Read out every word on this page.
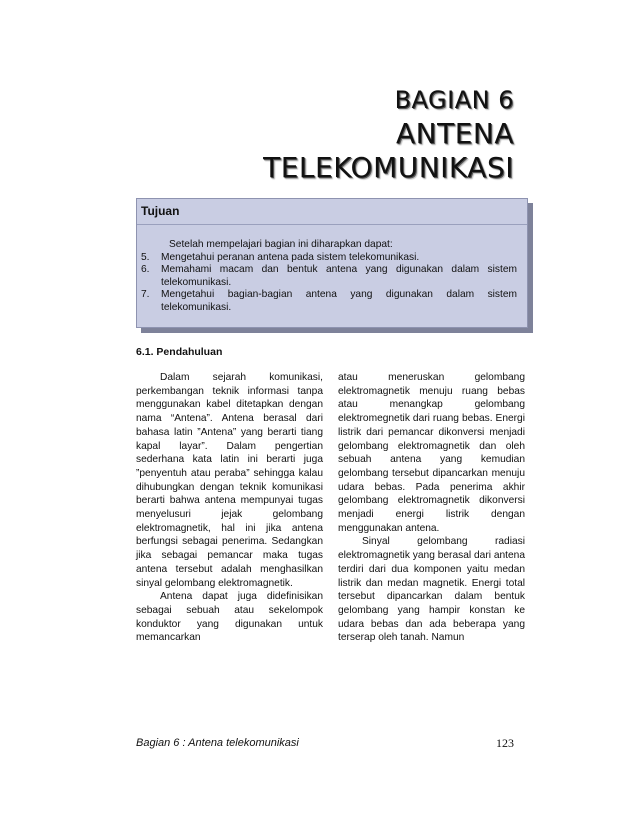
BAGIAN 6
ANTENA
TELEKOMUNIKASI
Tujuan
Setelah mempelajari bagian ini diharapkan dapat:
5.	Mengetahui peranan antena pada sistem telekomunikasi.
6.	Memahami macam dan bentuk antena yang digunakan dalam sistem telekomunikasi.
7.	Mengetahui bagian-bagian antena yang digunakan dalam sistem telekomunikasi.
6.1. Pendahuluan

Dalam sejarah komunikasi, perkembangan teknik informasi tanpa menggunakan kabel ditetapkan dengan nama “Antena”. Antena berasal dari bahasa latin ”Antena” yang berarti tiang kapal layar”. Dalam pengertian sederhana kata latin ini berarti juga ”penyentuh atau peraba” sehingga kalau dihubungkan dengan teknik komunikasi berarti bahwa antena mempunyai tugas menyelusuri jejak gelombang elektromagnetik, hal ini jika antena berfungsi sebagai penerima. Sedangkan jika sebagai pemancar maka tugas antena tersebut adalah menghasilkan sinyal gelombang elektromagnetik.

Antena dapat juga didefinisikan sebagai sebuah atau sekelompok konduktor yang digunakan untuk memancarkan

atau meneruskan gelombang elektromagnetik menuju ruang bebas atau menangkap gelombang elektromegnetik dari ruang bebas. Energi listrik dari pemancar dikonversi menjadi gelombang elektromagnetik dan oleh sebuah antena yang kemudian gelombang tersebut dipancarkan menuju udara bebas. Pada penerima akhir gelombang elektromagnetik dikonversi menjadi energi listrik dengan menggunakan antena.

Sinyal gelombang radiasi elektromagnetik yang berasal dari antena terdiri dari dua komponen yaitu medan listrik dan medan magnetik. Energi total tersebut dipancarkan dalam bentuk gelombang yang hampir konstan ke udara bebas dan ada beberapa yang terserap oleh tanah. Namun

Bagian 6 : Antena telekomunikasi	123
